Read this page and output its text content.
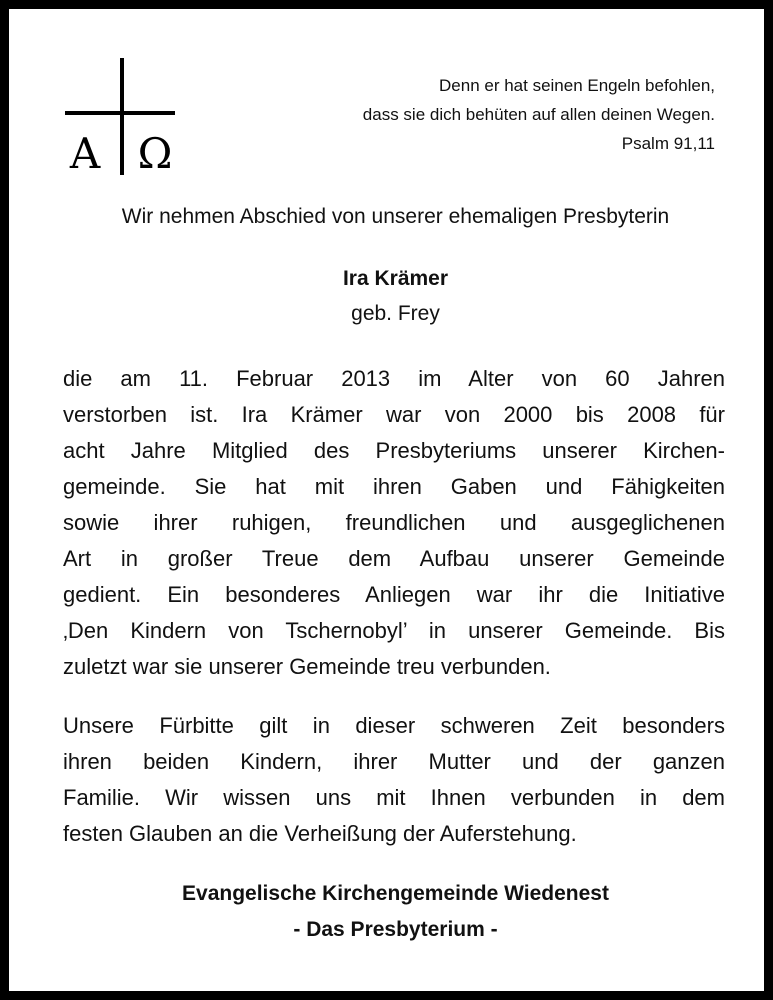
A Ω
Denn er hat seinen Engeln befohlen,
dass sie dich behüten auf allen deinen Wegen.
Psalm 91,11
Wir nehmen Abschied von unserer ehemaligen Presbyterin
Ira Krämer
geb. Frey
die am 11. Februar 2013 im Alter von 60 Jahren
verstorben ist. Ira Krämer war von 2000 bis 2008 für
acht Jahre Mitglied des Presbyteriums unserer Kirchen-
gemeinde. Sie hat mit ihren Gaben und Fähigkeiten
sowie ihrer ruhigen, freundlichen und ausgeglichenen
Art in großer Treue dem Aufbau unserer Gemeinde
gedient. Ein besonderes Anliegen war ihr die Initiative
‚Den Kindern von Tschernobyl’ in unserer Gemeinde. Bis
zuletzt war sie unserer Gemeinde treu verbunden.
Unsere Fürbitte gilt in dieser schweren Zeit besonders
ihren beiden Kindern, ihrer Mutter und der ganzen
Familie. Wir wissen uns mit Ihnen verbunden in dem
festen Glauben an die Verheißung der Auferstehung.
Evangelische Kirchengemeinde Wiedenest
- Das Presbyterium -
